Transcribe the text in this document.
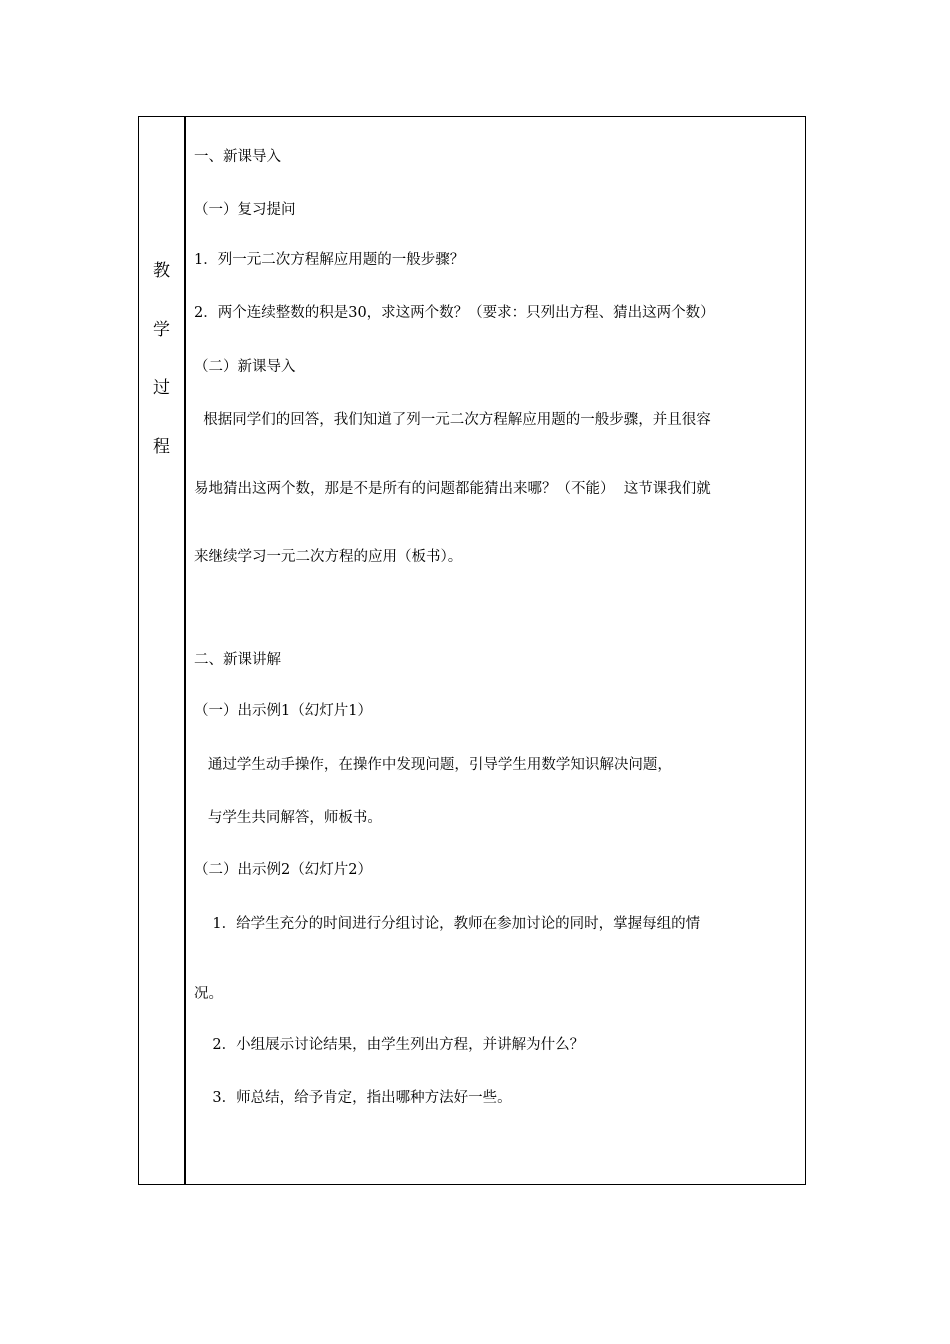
教
学
过
程
一、新课导入
（一）复习提问
1．列一元二次方程解应用题的一般步骤？
2．两个连续整数的积是30，求这两个数？（要求：只列出方程、猜出这两个数）
（二）新课导入
根据同学们的回答，我们知道了列一元二次方程解应用题的一般步骤，并且很容
易地猜出这两个数，那是不是所有的问题都能猜出来哪？（不能）  这节课我们就
来继续学习一元二次方程的应用（板书）。
二、新课讲解
（一）出示例1（幻灯片1）
通过学生动手操作，在操作中发现问题，引导学生用数学知识解决问题，
与学生共同解答，师板书。
（二）出示例2（幻灯片2）
1．给学生充分的时间进行分组讨论，教师在参加讨论的同时，掌握每组的情
况。
2．小组展示讨论结果，由学生列出方程，并讲解为什么？
3．师总结，给予肯定，指出哪种方法好一些。
